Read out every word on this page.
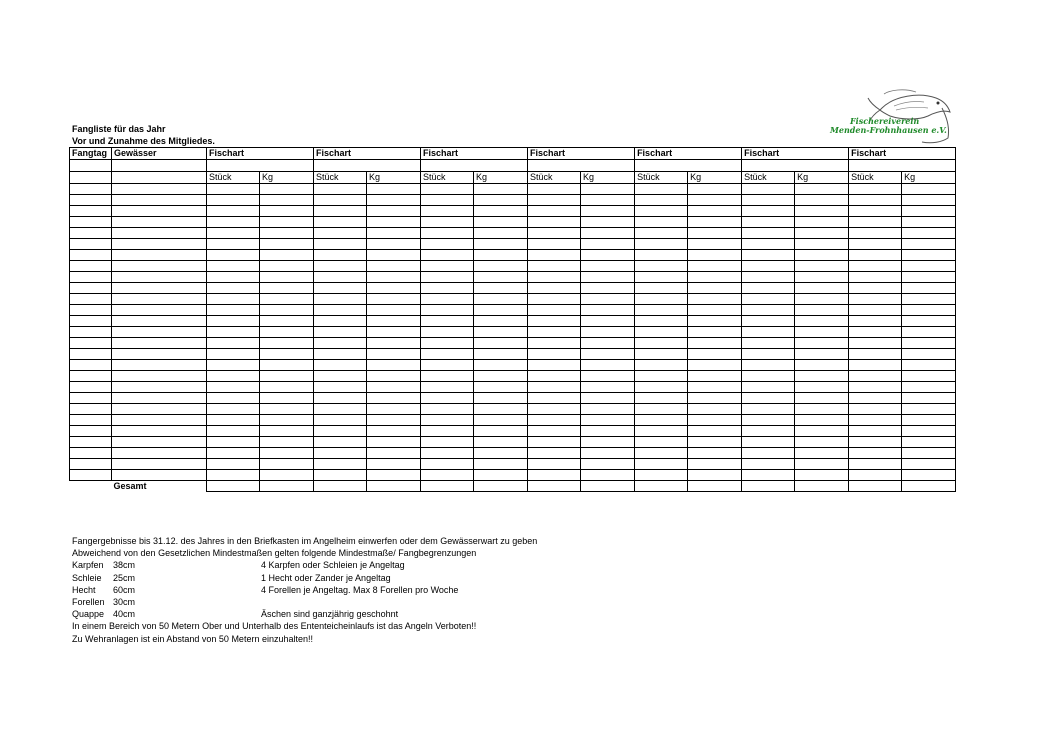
Fangliste für das Jahr
Vor und Zunahme des Mitgliedes.
Fischereiverein
Menden-Frohnhausen e.V.
Fangtag	Gewässer	Fischart		Fischart		Fischart		Fischart		Fischart		Fischart		Fischart	

		Stück	Kg	Stück	Kg	Stück	Kg	Stück	Kg	Stück	Kg	Stück	Kg	Stück	Kg

	Gesamt														
Fangergebnisse bis 31.12. des Jahres in den Briefkasten im Angelheim einwerfen oder dem Gewässerwart zu geben
Abweichend von den Gesetzlichen Mindestmaßen gelten folgende Mindestmaße/ Fangbegrenzungen
Karpfen 38cm	4 Karpfen oder Schleien je Angeltag
Schleie 25cm	1 Hecht oder Zander je Angeltag
Hecht 60cm	4 Forellen je Angeltag. Max 8 Forellen pro Woche
Forellen 30cm
Quappe 40cm	Äschen sind ganzjährig geschohnt
In einem Bereich von 50 Metern Ober und Unterhalb des Ententeicheinlaufs ist das Angeln Verboten!!
Zu Wehranlagen ist ein Abstand von 50 Metern einzuhalten!!
